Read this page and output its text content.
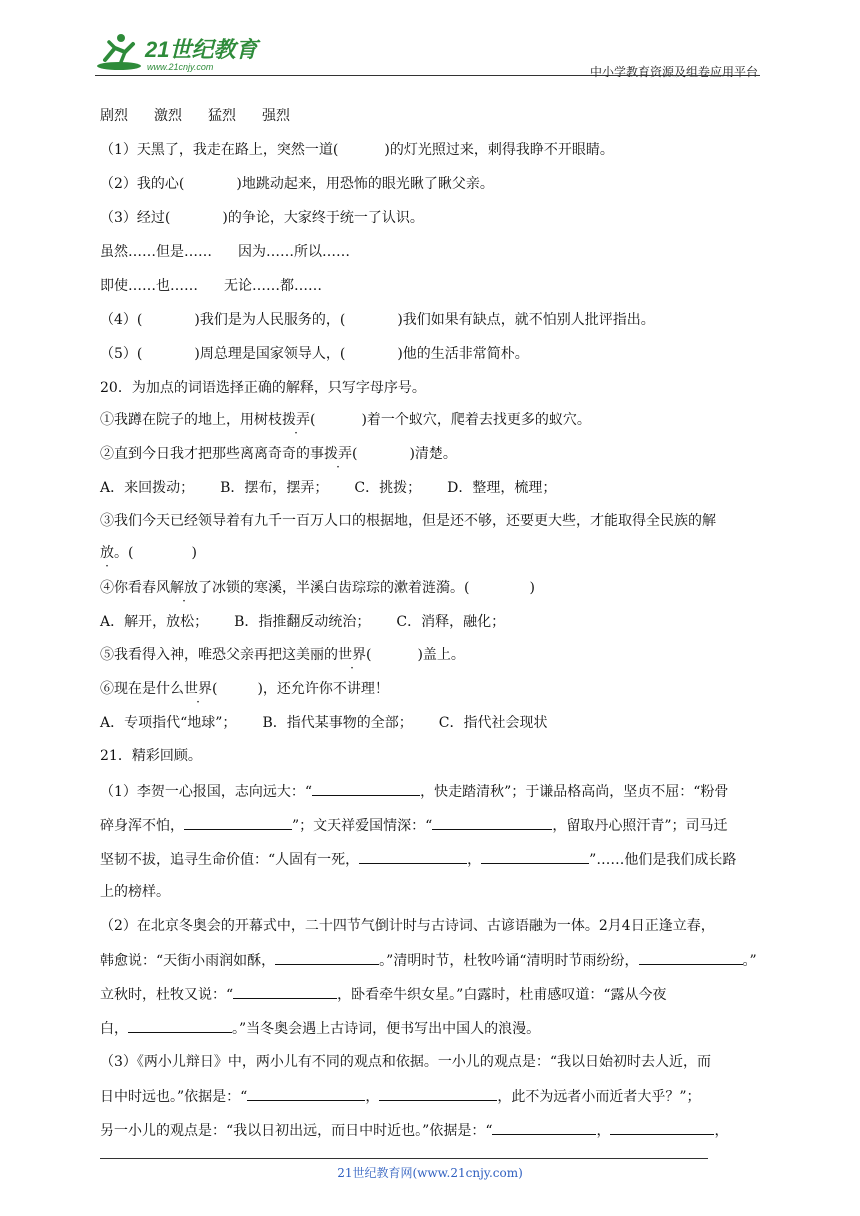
21世纪教育
www.21cnjy.com	中小学教育资源及组卷应用平台
剧烈 激烈 猛烈 强烈
（1）天黑了，我走在路上，突然一道(	)的灯光照过来，刺得我睁不开眼睛。
（2）我的心(	)地跳动起来，用恐怖的眼光瞅了瞅父亲。
（3）经过(	)的争论，大家终于统一了认识。
虽然……但是…… 因为……所以……
即使……也…… 无论……都……
（4）(	)我们是为人民服务的，(	)我们如果有缺点，就不怕别人批评指出。
（5）(	)周总理是国家领导人，(	)他的生活非常简朴。
20．为加点的词语选择正确的解释，只写字母序号。
①我蹲在院子的地上，用树枝拨弄(	)着一个蚁穴，爬着去找更多的蚁穴。
②直到今日我才把那些离离奇奇的事拨弄(	)清楚。
A．来回拨动； B．摆布，摆弄； C．挑拨； D．整理，梳理；
③我们今天已经领导着有九千一百万人口的根据地，但是还不够，还要更大些，才能取得全民族的解
放。(	)
④你看春风解放了冰锁的寒溪，半溪白齿琮琮的漱着涟漪。(	)
A．解开，放松； B．指推翻反动统治； C．消释，融化；
⑤我看得入神，唯恐父亲再把这美丽的世界(	)盖上。
⑥现在是什么世界(	)，还允许你不讲理！
A．专项指代“地球”； B．指代某事物的全部； C．指代社会现状
21．精彩回顾。
（1）李贺一心报国，志向远大：“	，快走踏清秋”；于谦品格高尚，坚贞不屈：“粉骨
碎身浑不怕，	”；文天祥爱国情深：“	，留取丹心照汗青”；司马迁
坚韧不拔，追寻生命价值：“人固有一死，	，	”……他们是我们成长路
上的榜样。
（2）在北京冬奥会的开幕式中，二十四节气倒计时与古诗词、古谚语融为一体。2月4日正逢立春，
韩愈说：“天街小雨润如酥，	。”清明时节，杜牧吟诵“清明时节雨纷纷，	。”
立秋时，杜牧又说：“	，卧看牵牛织女星。”白露时，杜甫感叹道：“露从今夜
白，	。”当冬奥会遇上古诗词，便书写出中国人的浪漫。
（3）《两小儿辩日》中，两小儿有不同的观点和依据。一小儿的观点是：“我以日始初时去人近，而
日中时远也。”依据是：“	，	，此不为远者小而近者大乎？”；
另一小儿的观点是：“我以日初出远，而日中时近也。”依据是：“	，	，
21世纪教育网(www.21cnjy.com)
